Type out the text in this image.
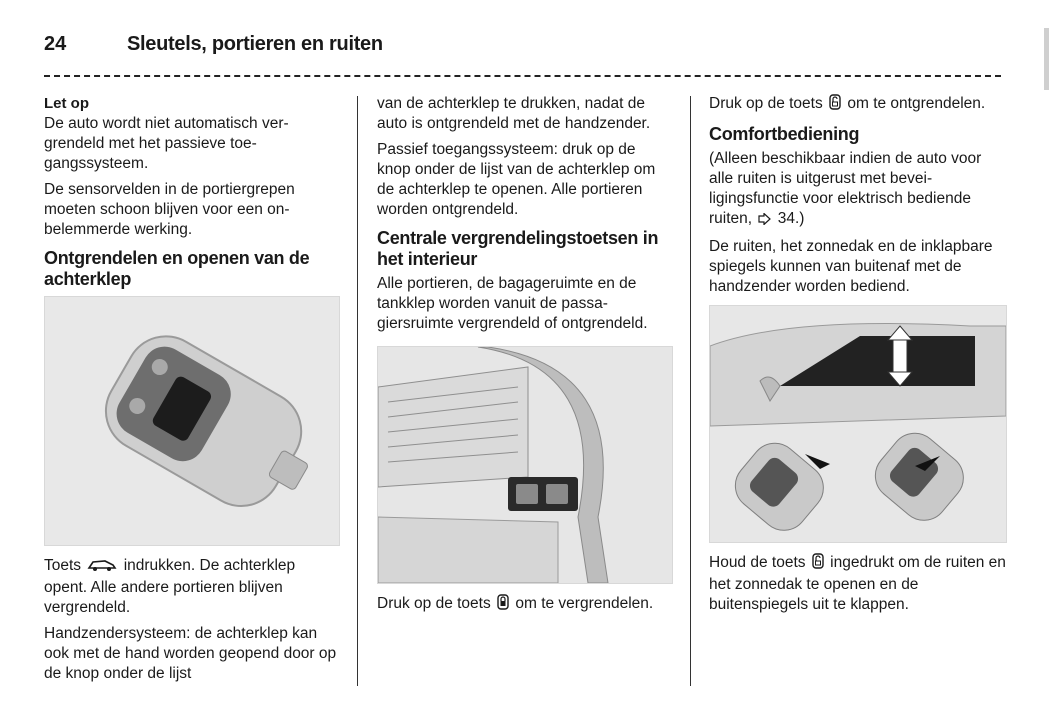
24	Sleutels, portieren en ruiten
Let op

De auto wordt niet automatisch vergrendeld met het passieve toegangssysteem.

De sensorvelden in de portiergrepen moeten schoon blijven voor een onbelemmerde werking.

Ontgrendelen en openen van de achterklep

Toets	indrukken. De achterklep opent. Alle andere portieren blijven vergrendeld.

Handzendersysteem: de achterklep kan ook met de hand worden geopend door op de knop onder de lijst

van de achterklep te drukken, nadat de auto is ontgrendeld met de handzender.

Passief toegangssysteem: druk op de knop onder de lijst van de achterklep om de achterklep te openen. Alle portieren worden ontgrendeld.

Centrale vergrendelingstoetsen in het interieur

Alle portieren, de bagageruimte en de tankklep worden vanuit de passagiersruimte vergrendeld of ontgrendeld.

Druk op de toets om te vergrendelen.

Druk op de toets om te ontgrendelen.

Comfortbediening

(Alleen beschikbaar indien de auto voor alle ruiten is uitgerust met beveiligingsfunctie voor elektrisch bediende ruiten, 34.)

De ruiten, het zonnedak en de inklapbare spiegels kunnen van buitenaf met de handzender worden bediend.

Houd de toets ingedrukt om de ruiten en het zonnedak te openen en de buitenspiegels uit te klappen.
